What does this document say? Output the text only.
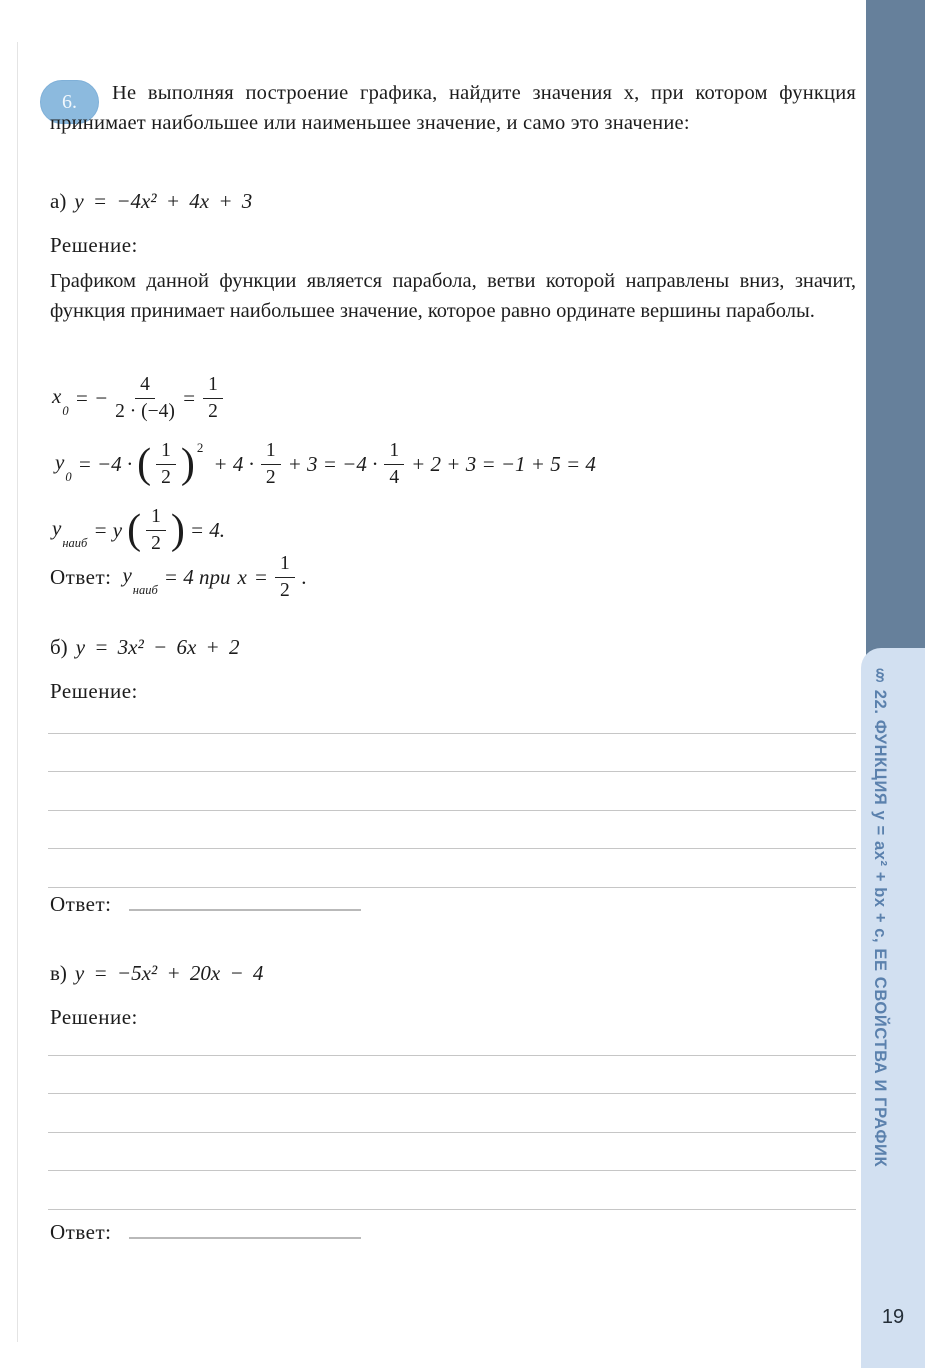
6.	Не выполняя построение графика, найдите значения x, при котором функция принимает наибольшее или наименьшее значение, и само это значение:
а) y = −4x² + 4x + 3
Решение:
Графиком данной функции является парабола, ветви которой направлены вниз, значит, функция принимает наибольшее значение, которое равно ординате вершины параболы.
$x_0$
= − $\frac{4}{2 \cdot (-4)} = \frac{1}{2}$
$y_0$
= −4 · ( $\frac{1}{2}$ ) 2
+ $4 \cdot \frac{1}{2} + 3 = -4 \cdot \frac{1}{4} + 2 + 3 = -1 + 5 = 4$
$y_{наиб}$
= y ( $\frac{1}{2}$ ) = 4.
Ответ: $y_{наиб}$
= 4 при $x = \frac{1}{2}$ .
б) y = 3x² − 6x + 2
Решение:
Ответ:
в) y = −5x² + 20x − 4
Решение:
Ответ:
§ 22. ФУНКЦИЯ y = ax² + bx + c, ЕЕ СВОЙСТВА И ГРАФИК
19
